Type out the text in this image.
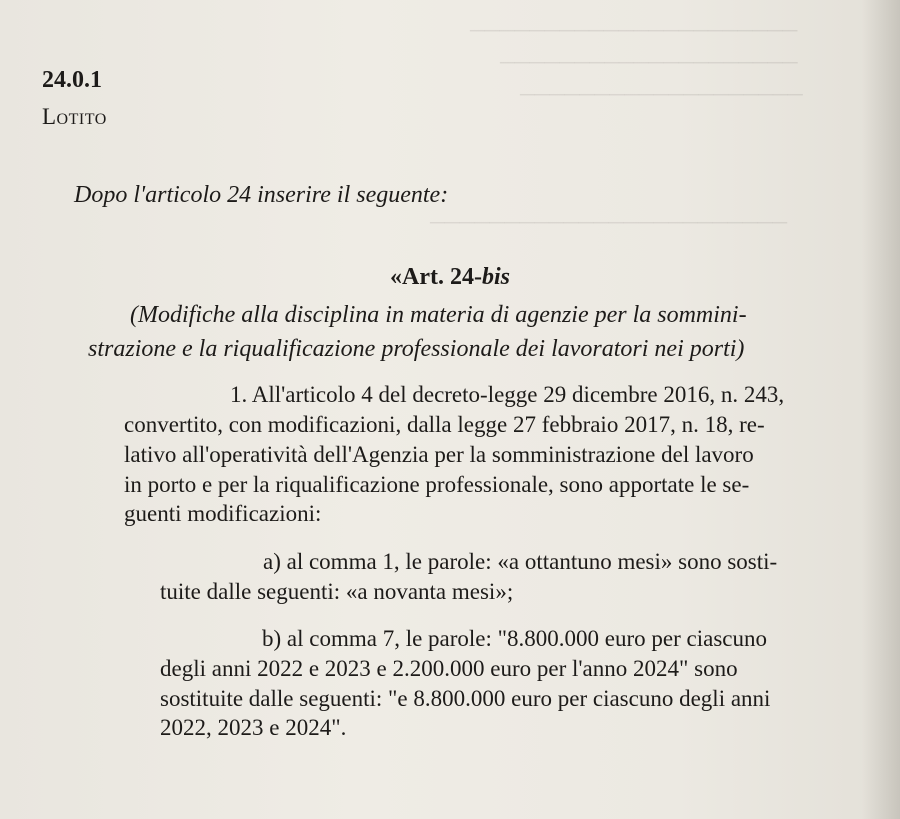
──────────────────────
────────────────────
───────────────────
────────────────────────
24.0.1
Lotito
Dopo l'articolo 24 inserire il seguente:
«Art. 24-bis
(Modifiche alla disciplina in materia di agenzie per la sommini-
strazione e la riqualificazione professionale dei lavoratori nei porti)
1. All'articolo 4 del decreto-legge 29 dicembre 2016, n. 243,
convertito, con modificazioni, dalla legge 27 febbraio 2017, n. 18, re-
lativo all'operatività dell'Agenzia per la somministrazione del lavoro
in porto e per la riqualificazione professionale, sono apportate le se-
guenti modificazioni:
a) al comma 1, le parole: «a ottantuno mesi» sono sosti-
tuite dalle seguenti: «a novanta mesi»;
b) al comma 7, le parole: "8.800.000 euro per ciascuno
degli anni 2022 e 2023 e 2.200.000 euro per l'anno 2024" sono
sostituite dalle seguenti: "e 8.800.000 euro per ciascuno degli anni
2022, 2023 e 2024".
